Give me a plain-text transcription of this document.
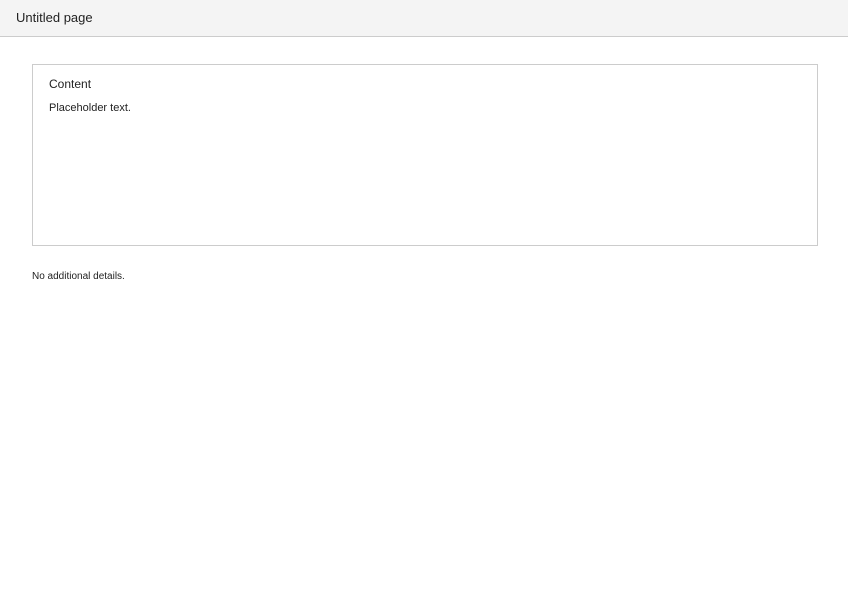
Untitled page
Content
Placeholder text.
No additional details.
